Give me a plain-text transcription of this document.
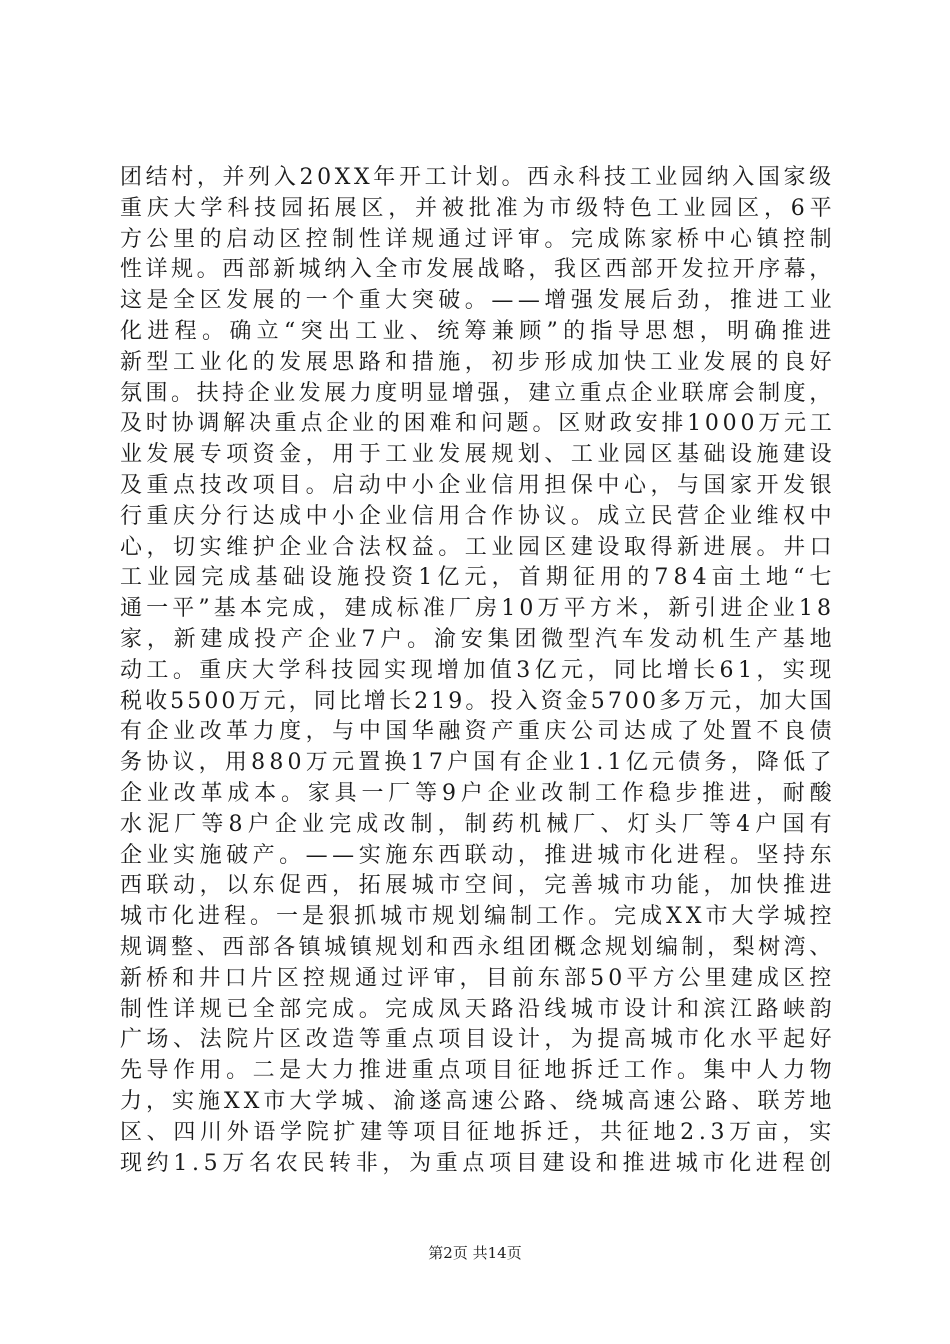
团结村，并列入20XX年开工计划。西永科技工业园纳入国家级
重庆大学科技园拓展区，并被批准为市级特色工业园区，6平
方公里的启动区控制性详规通过评审。完成陈家桥中心镇控制
性详规。西部新城纳入全市发展战略，我区西部开发拉开序幕，
这是全区发展的一个重大突破。——增强发展后劲，推进工业
化进程。确立“突出工业、统筹兼顾”的指导思想，明确推进
新型工业化的发展思路和措施，初步形成加快工业发展的良好
氛围。扶持企业发展力度明显增强，建立重点企业联席会制度，
及时协调解决重点企业的困难和问题。区财政安排1000万元工
业发展专项资金，用于工业发展规划、工业园区基础设施建设
及重点技改项目。启动中小企业信用担保中心，与国家开发银
行重庆分行达成中小企业信用合作协议。成立民营企业维权中
心，切实维护企业合法权益。工业园区建设取得新进展。井口
工业园完成基础设施投资1亿元，首期征用的784亩土地“七
通一平”基本完成，建成标准厂房10万平方米，新引进企业18
家，新建成投产企业7户。渝安集团微型汽车发动机生产基地
动工。重庆大学科技园实现增加值3亿元，同比增长61，实现
税收5500万元，同比增长219。投入资金5700多万元，加大国
有企业改革力度，与中国华融资产重庆公司达成了处置不良债
务协议，用880万元置换17户国有企业1.1亿元债务，降低了
企业改革成本。家具一厂等9户企业改制工作稳步推进，耐酸
水泥厂等8户企业完成改制，制药机械厂、灯头厂等4户国有
企业实施破产。——实施东西联动，推进城市化进程。坚持东
西联动，以东促西，拓展城市空间，完善城市功能，加快推进
城市化进程。一是狠抓城市规划编制工作。完成XX市大学城控
规调整、西部各镇城镇规划和西永组团概念规划编制，梨树湾、
新桥和井口片区控规通过评审，目前东部50平方公里建成区控
制性详规已全部完成。完成凤天路沿线城市设计和滨江路峡韵
广场、法院片区改造等重点项目设计，为提高城市化水平起好
先导作用。二是大力推进重点项目征地拆迁工作。集中人力物
力，实施XX市大学城、渝遂高速公路、绕城高速公路、联芳地
区、四川外语学院扩建等项目征地拆迁，共征地2.3万亩，实
现约1.5万名农民转非，为重点项目建设和推进城市化进程创
第2页 共14页
